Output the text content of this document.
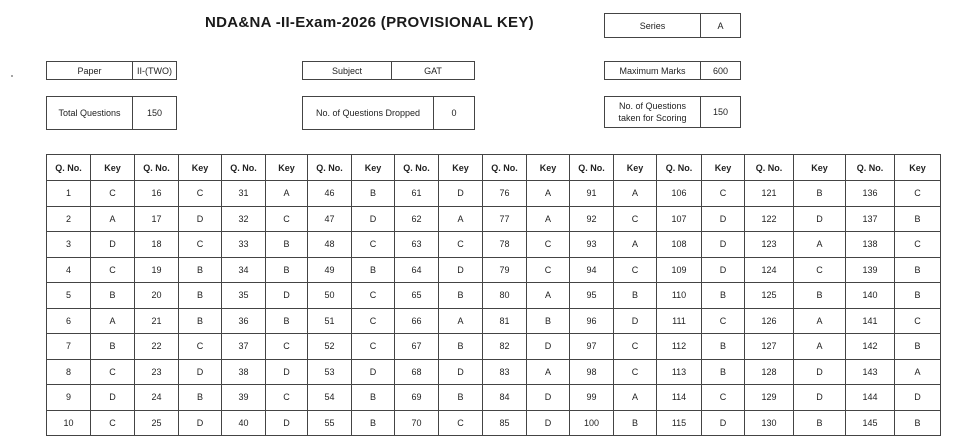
NDA&NA -II-Exam-2026 (PROVISIONAL KEY)	Series	A
Paper	II-(TWO)	Subject	GAT	Maximum Marks	600
Total Questions	150	No. of Questions Dropped	0
No. of Questions taken for Scoring
150
Q. No.	Key	Q. No.	Key	Q. No.	Key	Q. No.	Key	Q. No.	Key	Q. No.	Key	Q. No.	Key	Q. No.	Key	Q. No.	Key	Q. No.	Key
1	C	16	C	31	A	46	B	61	D	76	A	91	A	106	C	121	B	136	C
2	A	17	D	32	C	47	D	62	A	77	A	92	C	107	D	122	D	137	B
3	D	18	C	33	B	48	C	63	C	78	C	93	A	108	D	123	A	138	C
4	C	19	B	34	B	49	B	64	D	79	C	94	C	109	D	124	C	139	B
5	B	20	B	35	D	50	C	65	B	80	A	95	B	110	B	125	B	140	B
6	A	21	B	36	B	51	C	66	A	81	B	96	D	111	C	126	A	141	C
7	B	22	C	37	C	52	C	67	B	82	D	97	C	112	B	127	A	142	B
8	C	23	D	38	D	53	D	68	D	83	A	98	C	113	B	128	D	143	A
9	D	24	B	39	C	54	B	69	B	84	D	99	A	114	C	129	D	144	D
10	C	25	D	40	D	55	B	70	C	85	D	100	B	115	D	130	B	145	B
